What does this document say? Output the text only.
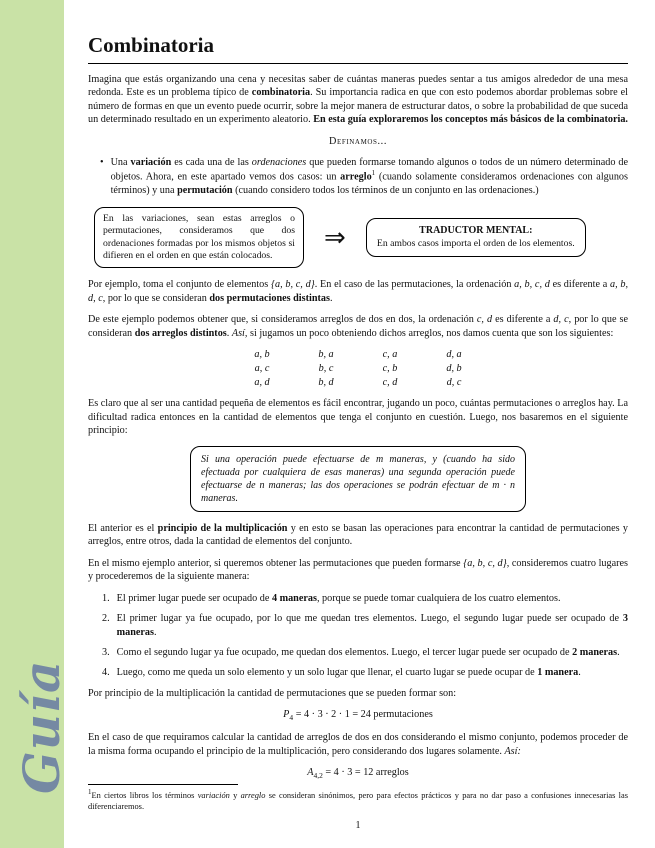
Guía
Combinatoria

Imagina que estás organizando una cena y necesitas saber de cuántas maneras puedes sentar a tus amigos alrededor de una mesa redonda. Este es un problema típico de combinatoria. Su importancia radica en que con esto podemos abordar problemas sobre el número de formas en que un evento puede ocurrir, sobre la mejor manera de estructurar datos, o sobre la probabilidad de que suceda un determinado resultado en un experimento aleatorio. En esta guía exploraremos los conceptos más básicos de la combinatoria.

Definamos...
• Una variación es cada una de las ordenaciones que pueden formarse tomando algunos o todos de un número determinado de objetos. Ahora, en este apartado vemos dos casos: un arreglo$^1$ (cuando solamente consideramos ordenaciones con algunos términos) y una permutación (cuando considero todos los términos de un conjunto en las ordenaciones.)
En las variaciones, sean estas arreglos o permutaciones, consideramos que dos ordenaciones formadas por los mismos objetos si difieren en el orden en que están colocados.
⇒	TRADUCTOR MENTAL:
En ambos casos importa el orden de los elementos.

Por ejemplo, toma el conjunto de elementos {a, b, c, d}. En el caso de las permutaciones, la ordenación a, b, c, d es diferente a a, b, d, c, por lo que se consideran dos permutaciones distintas.

De este ejemplo podemos obtener que, si consideramos arreglos de dos en dos, la ordenación c, d es diferente a d, c, por lo que se consideran dos arreglos distintos. Así, si jugamos un poco obteniendo dichos arreglos, nos damos cuenta que son los siguientes:

a, b	b, a	c, a	d, a
a, c	b, c	c, b	d, b
a, d	b, d	c, d	d, c

Es claro que al ser una cantidad pequeña de elementos es fácil encontrar, jugando un poco, cuántas permutaciones o arreglos hay. La dificultad radica entonces en la cantidad de elementos que tenga el conjunto en cuestión. Luego, nos basaremos en el siguiente principio:

Si una operación puede efectuarse de m maneras, y (cuando ha sido efectuada por cualquiera de esas maneras) una segunda operación puede efectuarse de n maneras; las dos operaciones se podrán efectuar de m · n maneras.

El anterior es el principio de la multiplicación y en esto se basan las operaciones para encontrar la cantidad de permutaciones y arreglos, entre otros, dada la cantidad de elementos del conjunto.

En el mismo ejemplo anterior, si queremos obtener las permutaciones que pueden formarse {a, b, c, d}, consideremos cuatro lugares y procederemos de la siguiente manera:

1. El primer lugar puede ser ocupado de 4 maneras, porque se puede tomar cualquiera de los cuatro elementos.
2. El primer lugar ya fue ocupado, por lo que me quedan tres elementos. Luego, el segundo lugar puede ser ocupado de 3 maneras.
3. Como el segundo lugar ya fue ocupado, me quedan dos elementos. Luego, el tercer lugar puede ser ocupado de 2 maneras.
4. Luego, como me queda un solo elemento y un solo lugar que llenar, el cuarto lugar se puede ocupar de 1 manera.

Por principio de la multiplicación la cantidad de permutaciones que se pueden formar son:

$P_4 = 4 \cdot 3 \cdot 2 \cdot 1 = 24$ permutaciones

En el caso de que requiramos calcular la cantidad de arreglos de dos en dos considerando el mismo conjunto, podemos proceder de la misma forma ocupando el principio de la multiplicación, pero considerando dos lugares solamente. Así:

$A_{4,2} = 4 \cdot 3 = 12$ arreglos
$^1$En ciertos libros los términos variación y arreglo se consideran sinónimos, pero para efectos prácticos y para no dar paso a confusiones innecesarias las diferenciaremos.
1
